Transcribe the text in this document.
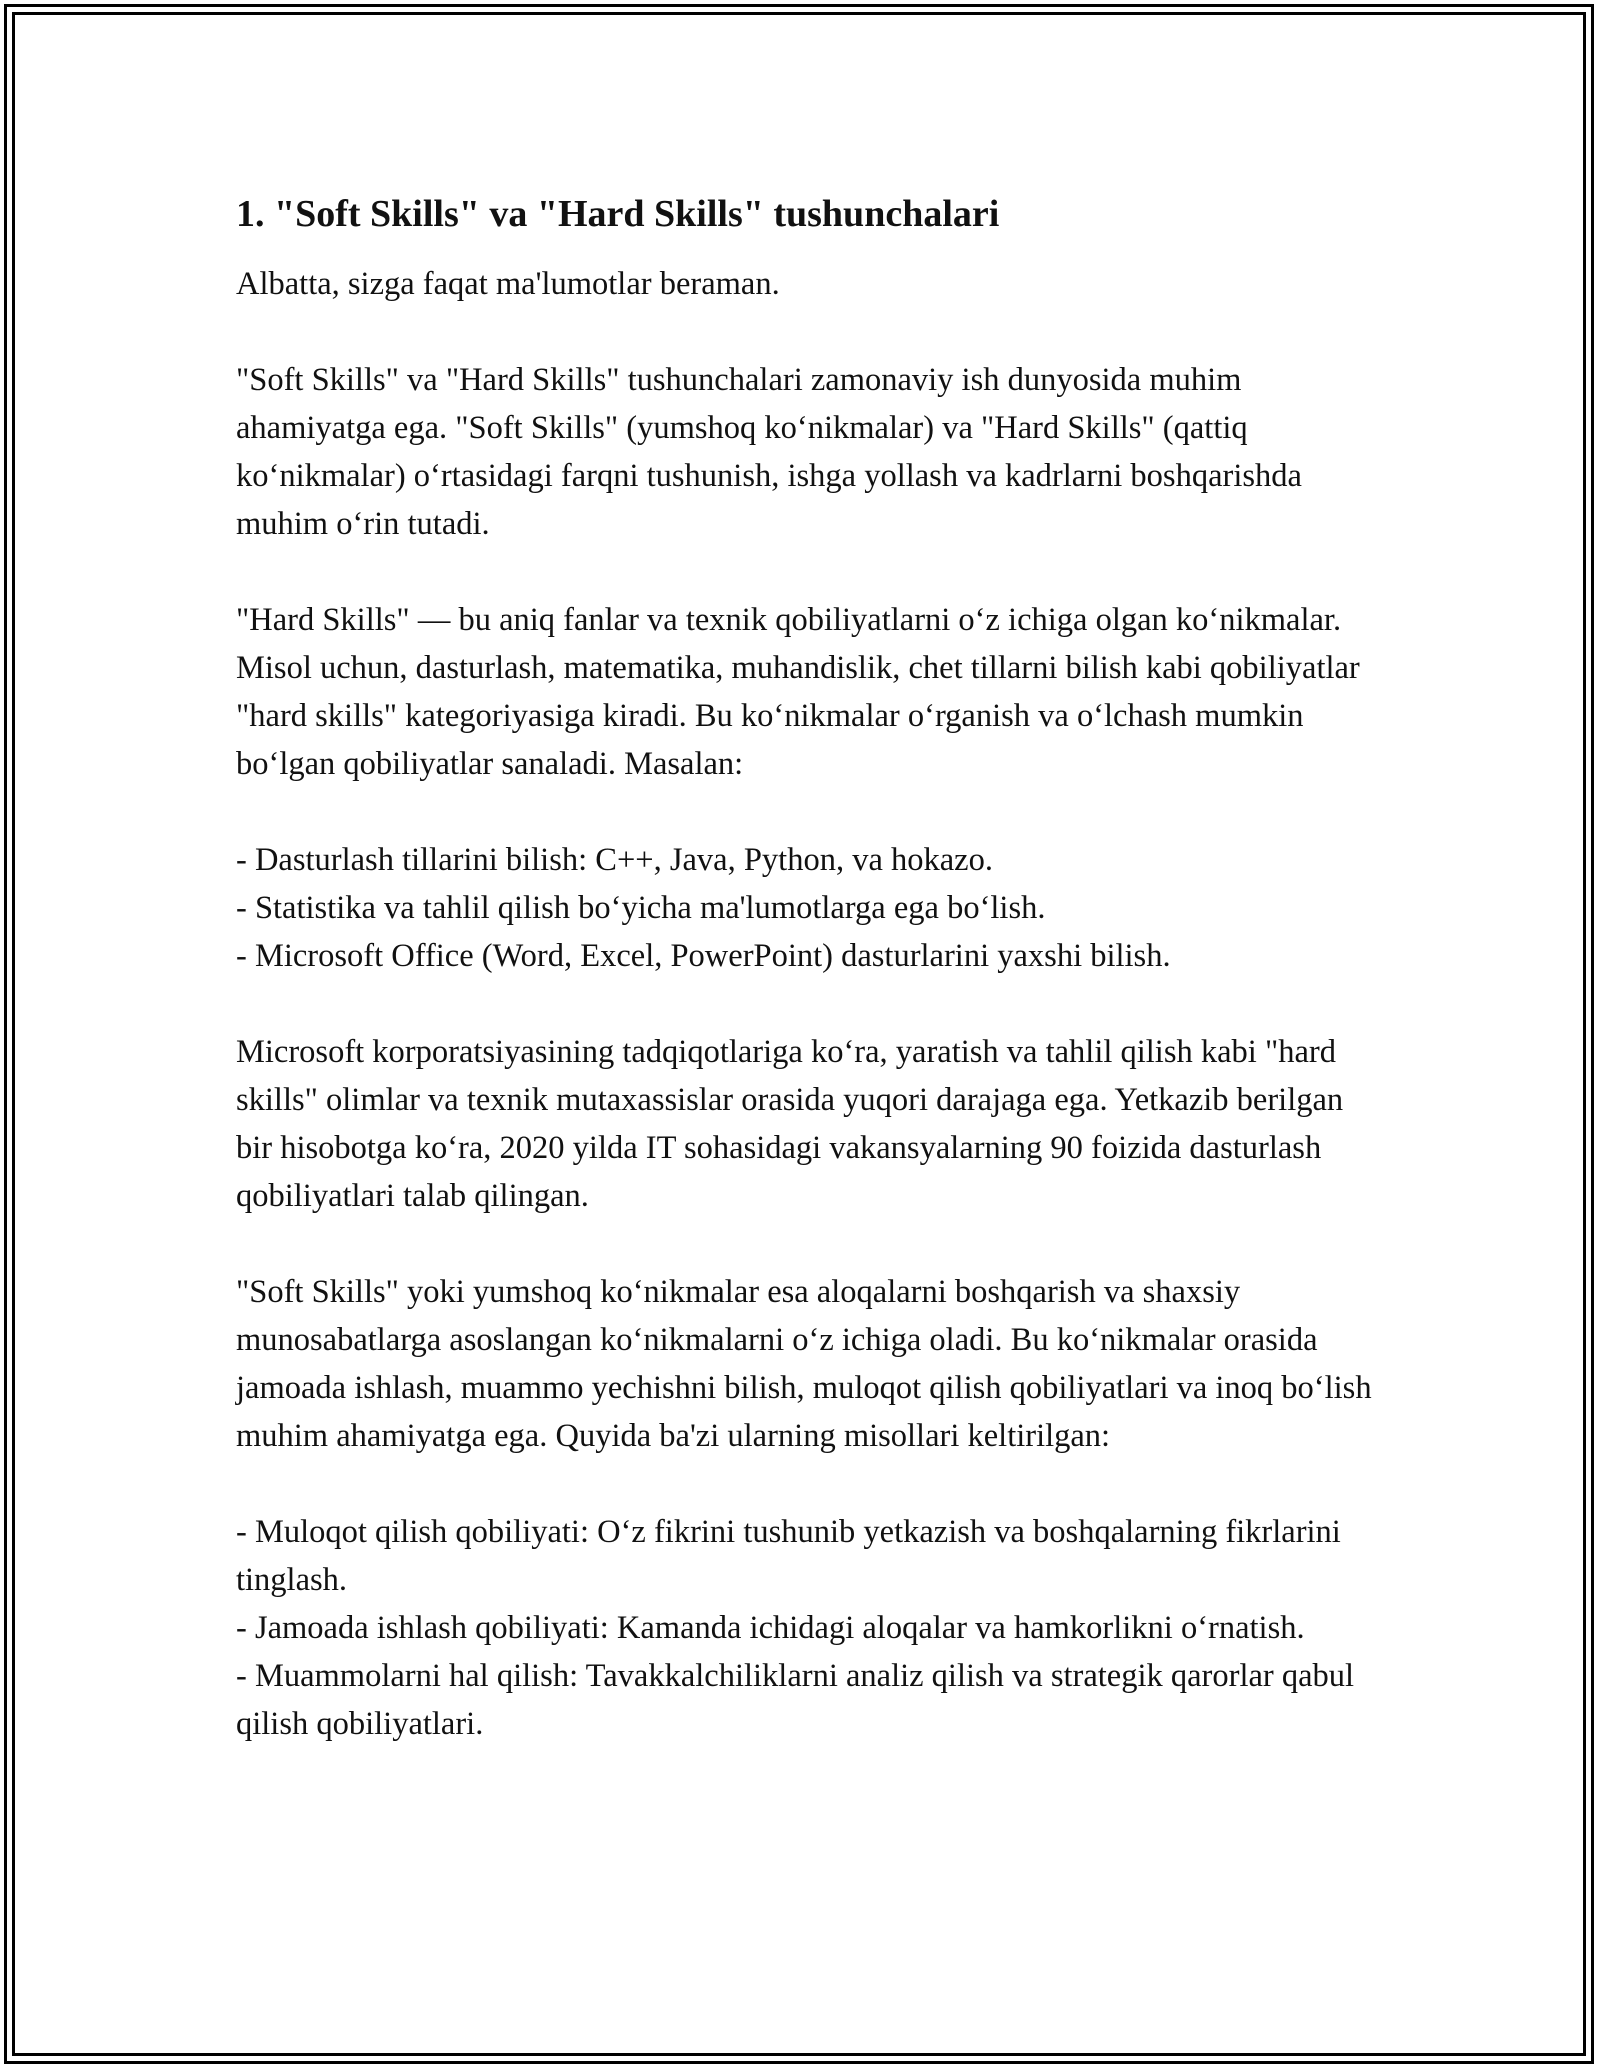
1. "Soft Skills" va "Hard Skills" tushunchalari

Albatta, sizga faqat ma'lumotlar beraman.

"Soft Skills" va "Hard Skills" tushunchalari zamonaviy ish dunyosida muhim ahamiyatga ega. "Soft Skills" (yumshoq koʻnikmalar) va "Hard Skills" (qattiq koʻnikmalar) oʻrtasidagi farqni tushunish, ishga yollash va kadrlarni boshqarishda muhim oʻrin tutadi.

"Hard Skills" — bu aniq fanlar va texnik qobiliyatlarni oʻz ichiga olgan koʻnikmalar. Misol uchun, dasturlash, matematika, muhandislik, chet tillarni bilish kabi qobiliyatlar "hard skills" kategoriyasiga kiradi. Bu koʻnikmalar oʻrganish va oʻlchash mumkin boʻlgan qobiliyatlar sanaladi. Masalan:

- Dasturlash tillarini bilish: C++, Java, Python, va hokazo.
- Statistika va tahlil qilish boʻyicha ma'lumotlarga ega boʻlish.
- Microsoft Office (Word, Excel, PowerPoint) dasturlarini yaxshi bilish.

Microsoft korporatsiyasining tadqiqotlariga koʻra, yaratish va tahlil qilish kabi "hard skills" olimlar va texnik mutaxassislar orasida yuqori darajaga ega. Yetkazib berilgan bir hisobotga koʻra, 2020 yilda IT sohasidagi vakansyalarning 90 foizida dasturlash qobiliyatlari talab qilingan.

"Soft Skills" yoki yumshoq koʻnikmalar esa aloqalarni boshqarish va shaxsiy munosabatlarga asoslangan koʻnikmalarni oʻz ichiga oladi. Bu koʻnikmalar orasida jamoada ishlash, muammo yechishni bilish, muloqot qilish qobiliyatlari va inoq boʻlish muhim ahamiyatga ega. Quyida ba'zi ularning misollari keltirilgan:

- Muloqot qilish qobiliyati: Oʻz fikrini tushunib yetkazish va boshqalarning fikrlarini tinglash.
- Jamoada ishlash qobiliyati: Kamanda ichidagi aloqalar va hamkorlikni oʻrnatish.
- Muammolarni hal qilish: Tavakkalchiliklarni analiz qilish va strategik qarorlar qabul qilish qobiliyatlari.
